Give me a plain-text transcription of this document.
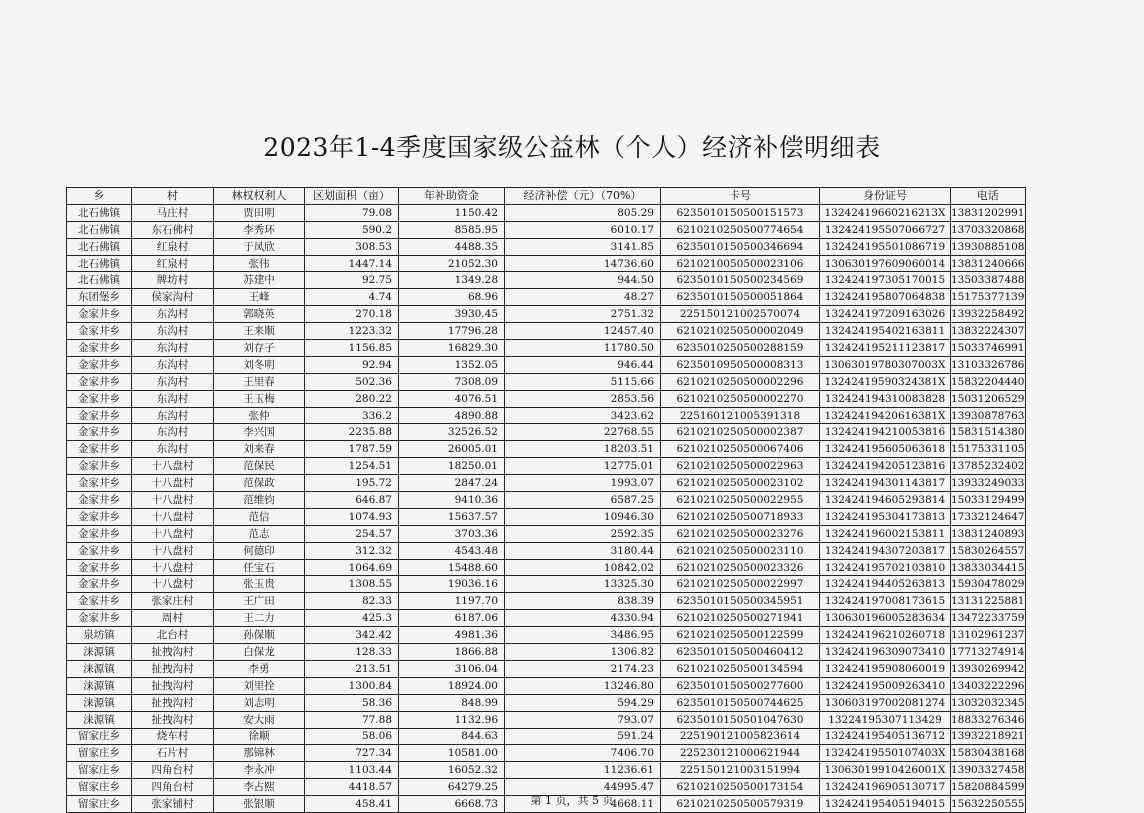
2023年1-4季度国家级公益林（个人）经济补偿明细表
乡	村	林权权利人	区划面积（亩）	年补助资金	经济补偿（元）（70%）	卡号	身份证号	电话
北石佛镇	马庄村	贾田明	79.08	1150.42	805.29	6235010150500151573	13242419660216213X	13831202991
北石佛镇	东石佛村	李秀环	590.2	8585.95	6010.17	6210210250500774654	132424195507066727	13703320868
北石佛镇	红泉村	于凤欣	308.53	4488.35	3141.85	6235010150500346694	132424195501086719	13930885108
北石佛镇	红泉村	张伟	1447.14	21052.30	14736.60	6210210050500023106	130630197609060014	13831240666
北石佛镇	牌坊村	苏建中	92.75	1349.28	944.50	6235010150500234569	132424197305170015	13503387488
东团堡乡	侯家沟村	王峰	4.74	68.96	48.27	6235010150500051864	132424195807064838	15175377139
金家井乡	东沟村	郭晓英	270.18	3930.45	2751.32	225150121002570074	132424197209163026	13932258492
金家井乡	东沟村	王来顺	1223.32	17796.28	12457.40	6210210250500002049	132424195402163811	13832224307
金家井乡	东沟村	刘存子	1156.85	16829.30	11780.50	6235010250500288159	132424195211123817	15033746991
金家井乡	东沟村	刘冬明	92.94	1352.05	946.44	6235010950500008313	13063019780307003X	13103326786
金家井乡	东沟村	王里春	502.36	7308.09	5115.66	6210210250500002296	13242419590324381X	15832204440
金家井乡	东沟村	王玉梅	280.22	4076.51	2853.56	6210210250500002270	132424194310083828	15031206529
金家井乡	东沟村	张仲	336.2	4890.88	3423.62	225160121005391318	13242419420616381X	13930878763
金家井乡	东沟村	李兴国	2235.88	32526.52	22768.55	6210210250500002387	132424194210053816	15831514380
金家井乡	东沟村	刘来春	1787.59	26005.01	18203.51	6210210250500067406	132424195605063618	15175331105
金家井乡	十八盘村	范保民	1254.51	18250.01	12775.01	6210210250500022963	132424194205123816	13785232402
金家井乡	十八盘村	范保政	195.72	2847.24	1993.07	6210210250500023102	132424194301143817	13933249033
金家井乡	十八盘村	范维钧	646.87	9410.36	6587.25	6210210250500022955	132424194605293814	15033129499
金家井乡	十八盘村	范信	1074.93	15637.57	10946.30	6210210250500718933	132424195304173813	17332124647
金家井乡	十八盘村	范志	254.57	3703.36	2592.35	6210210250500023276	132424196002153811	13831240893
金家井乡	十八盘村	何德印	312.32	4543.48	3180.44	6210210250500023110	132424194307203817	15830264557
金家井乡	十八盘村	任宝石	1064.69	15488.60	10842.02	6210210250500023326	132424195702103810	13833034415
金家井乡	十八盘村	张玉贵	1308.55	19036.16	13325.30	6210210250500022997	132424194405263813	15930478029
金家井乡	张家庄村	王广田	82.33	1197.70	838.39	6235010150500345951	132424197008173615	13131225881
金家井乡	周村	王二力	425.3	6187.06	4330.94	6210210250500271941	130630196005283634	13472233759
泉坊镇	北台村	孙保顺	342.42	4981.36	3486.95	6210210250500122599	132424196210260718	13102961237
涞源镇	扯拽沟村	白保龙	128.33	1866.88	1306.82	6235010150500460412	132424196309073410	17713274914
涞源镇	扯拽沟村	李勇	213.51	3106.04	2174.23	6210210250500134594	132424195908060019	13930269942
涞源镇	扯拽沟村	刘里拴	1300.84	18924.00	13246.80	6235010150500277600	132424195009263410	13403222296
涞源镇	扯拽沟村	刘志明	58.36	848.99	594.29	6235010150500744625	130603197002081274	13032032345
涞源镇	扯拽沟村	安大雨	77.88	1132.96	793.07	6235010150501047630	13224195307113429	18833276346
留家庄乡	烧车村	徐顺	58.06	844.63	591.24	225190121005823614	132424195405136712	13932218921
留家庄乡	石片村	那锦林	727.34	10581.00	7406.70	225230121000621944	13242419550107403X	15830438168
留家庄乡	四角台村	李永冲	1103.44	16052.32	11236.61	225150121003151994	13063019910426001X	13903327458
留家庄乡	四角台村	李占熙	4418.57	64279.25	44995.47	6210210250500173154	132424196905130717	15820884599
留家庄乡	张家铺村	张银顺	458.41	6668.73	4668.11	6210210250500579319	132424195405194015	15632250555
第 1 页，共 5 页
